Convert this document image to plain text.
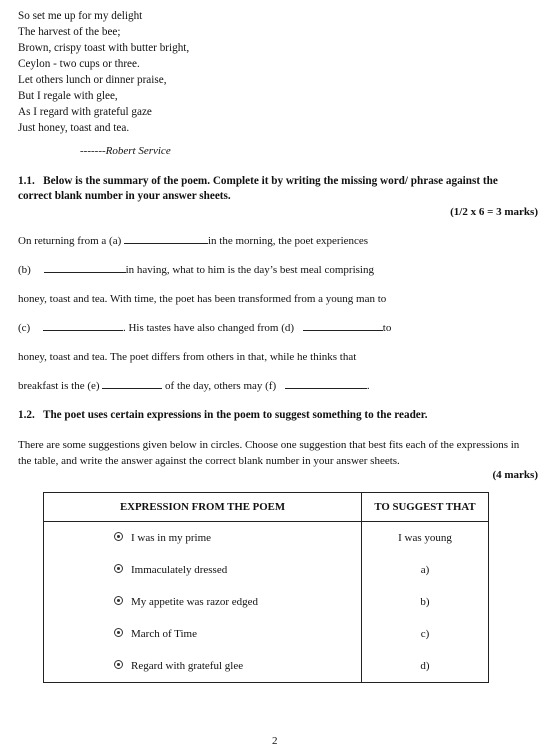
So set me up for my delight
The harvest of the bee;
Brown, crispy toast with butter bright,
Ceylon - two cups or three.
Let others lunch or dinner praise,
But I regale with glee,
As I regard with grateful gaze
Just honey, toast and tea.
-------Robert Service
1.1. Below is the summary of the poem. Complete it by writing the missing word/ phrase against the correct blank number in your answer sheets.
(1/2 x 6 = 3 marks)
On returning from a (a)	in the morning, the poet experiences
(b)	in having, what to him is the day’s best meal comprising
honey, toast and tea. With time, the poet has been transformed from a young man to
(c)	. His tastes have also changed from (d)	to
honey, toast and tea. The poet differs from others in that, while he thinks that
breakfast is the (e)	of the day, others may (f)	.
1.2. The poet uses certain expressions in the poem to suggest something to the reader.
There are some suggestions given below in circles. Choose one suggestion that best fits each of the expressions in the table, and write the answer against the correct blank number in your answer sheets.
(4 marks)
EXPRESSION FROM THE POEM	TO SUGGEST THAT
I was in my prime	I was young
Immaculately dressed	a)
My appetite was razor edged	b)
March of Time	c)
Regard with grateful glee	d)
2
